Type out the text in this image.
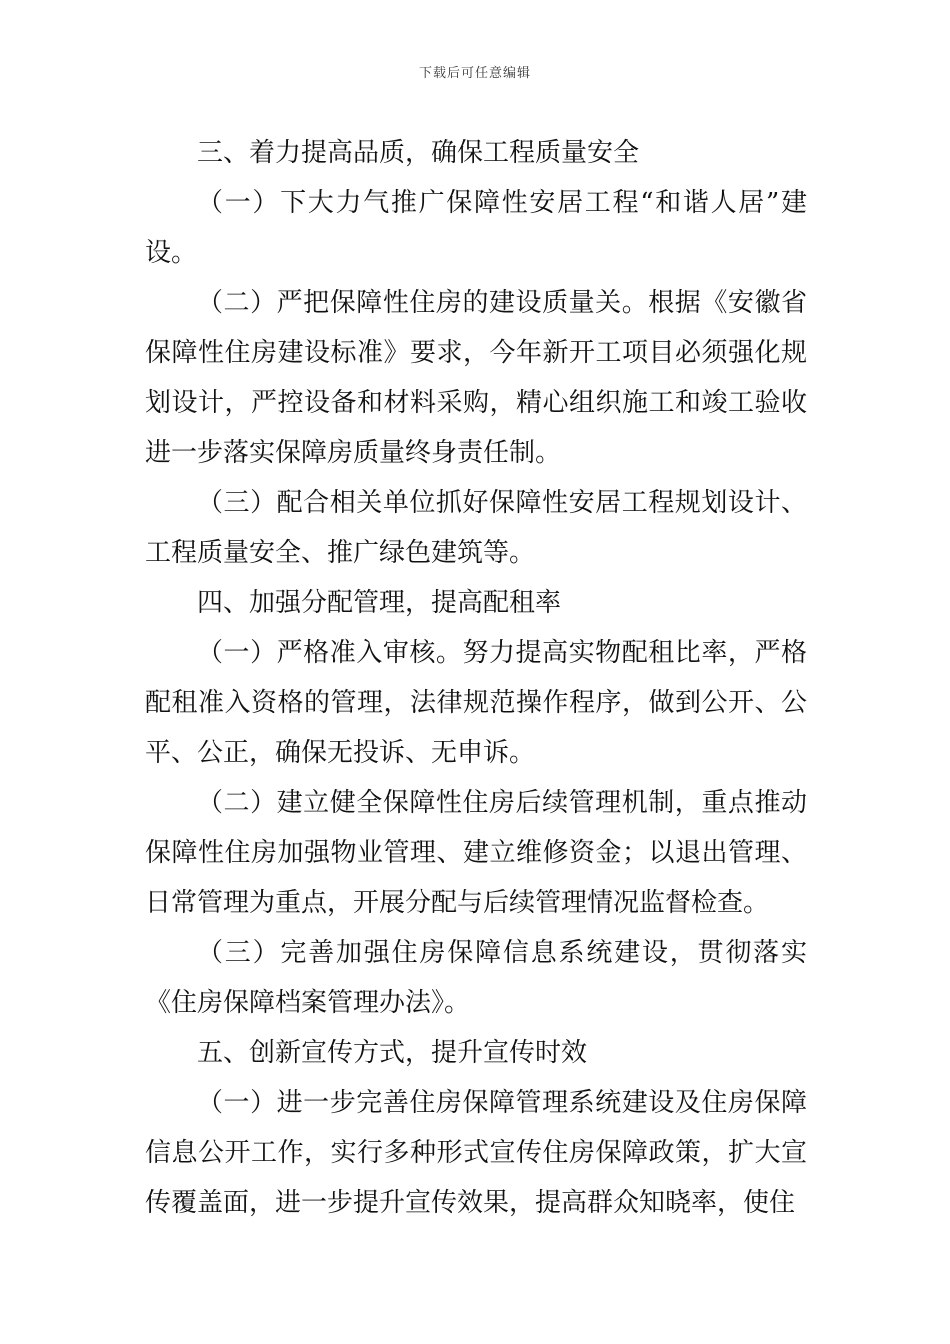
下载后可任意编辑

三、着力提高品质，确保工程质量安全

（一）下大力气推广保障性安居工程“和谐人居”建设。

（二）严把保障性住房的建设质量关。根据《安徽省保障性住房建设标准》要求，今年新开工项目必须强化规划设计，严控设备和材料采购，精心组织施工和竣工验收进一步落实保障房质量终身责任制。

（三）配合相关单位抓好保障性安居工程规划设计、工程质量安全、推广绿色建筑等。

四、加强分配管理，提高配租率

（一）严格准入审核。努力提高实物配租比率，严格配租准入资格的管理，法律规范操作程序，做到公开、公平、公正，确保无投诉、无申诉。

（二）建立健全保障性住房后续管理机制，重点推动保障性住房加强物业管理、建立维修资金；以退出管理、日常管理为重点，开展分配与后续管理情况监督检查。

（三）完善加强住房保障信息系统建设，贯彻落实《住房保障档案管理办法》。

五、创新宣传方式，提升宣传时效

（一）进一步完善住房保障管理系统建设及住房保障信息公开工作，实行多种形式宣传住房保障政策，扩大宣传覆盖面，进一步提升宣传效果，提高群众知晓率，使住
